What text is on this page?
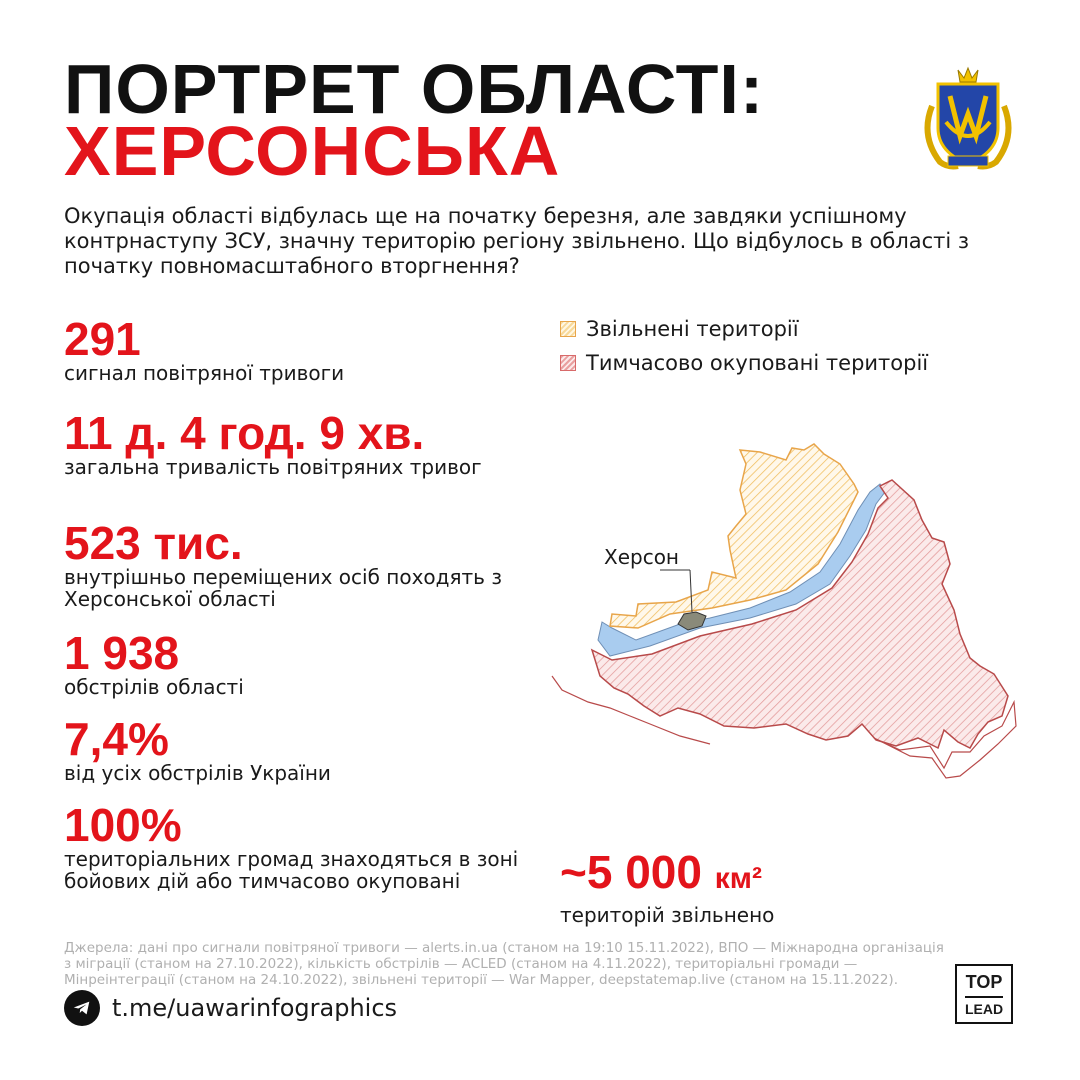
ПОРТРЕТ ОБЛАСТІ:
ХЕРСОНСЬКА

Окупація області відбулась ще на початку березня, але завдяки успішному контрнаступу ЗСУ, значну територію регіону звільнено. Що відбулось в області з початку повномасштабного вторгнення?

291
сигнал повітряної тривоги
11 д. 4 год. 9 хв.
загальна тривалість повітряних тривог
523 тис.
внутрішньо переміщених осіб походять з Херсонської області
1 938
обстрілів області
7,4%
від усіх обстрілів України
100%
територіальних громад знаходяться в зоні бойових дій або тимчасово окуповані
Звільнені території
Тимчасово окуповані території
Херсон
~5 000 км²
територій звільнено
Джерела: дані про сигнали повітряної тривоги — alerts.in.ua (станом на 19:10 15.11.2022), ВПО — Міжнародна організація з міграції (станом на 27.10.2022), кількість обстрілів — ACLED (станом на 4.11.2022), територіальні громади — Мінреінтеграції (станом на 24.10.2022), звільнені території — War Mapper, deepstatemap.live (станом на 15.11.2022).
t.me/uawarinfographics
TOP
LEAD
